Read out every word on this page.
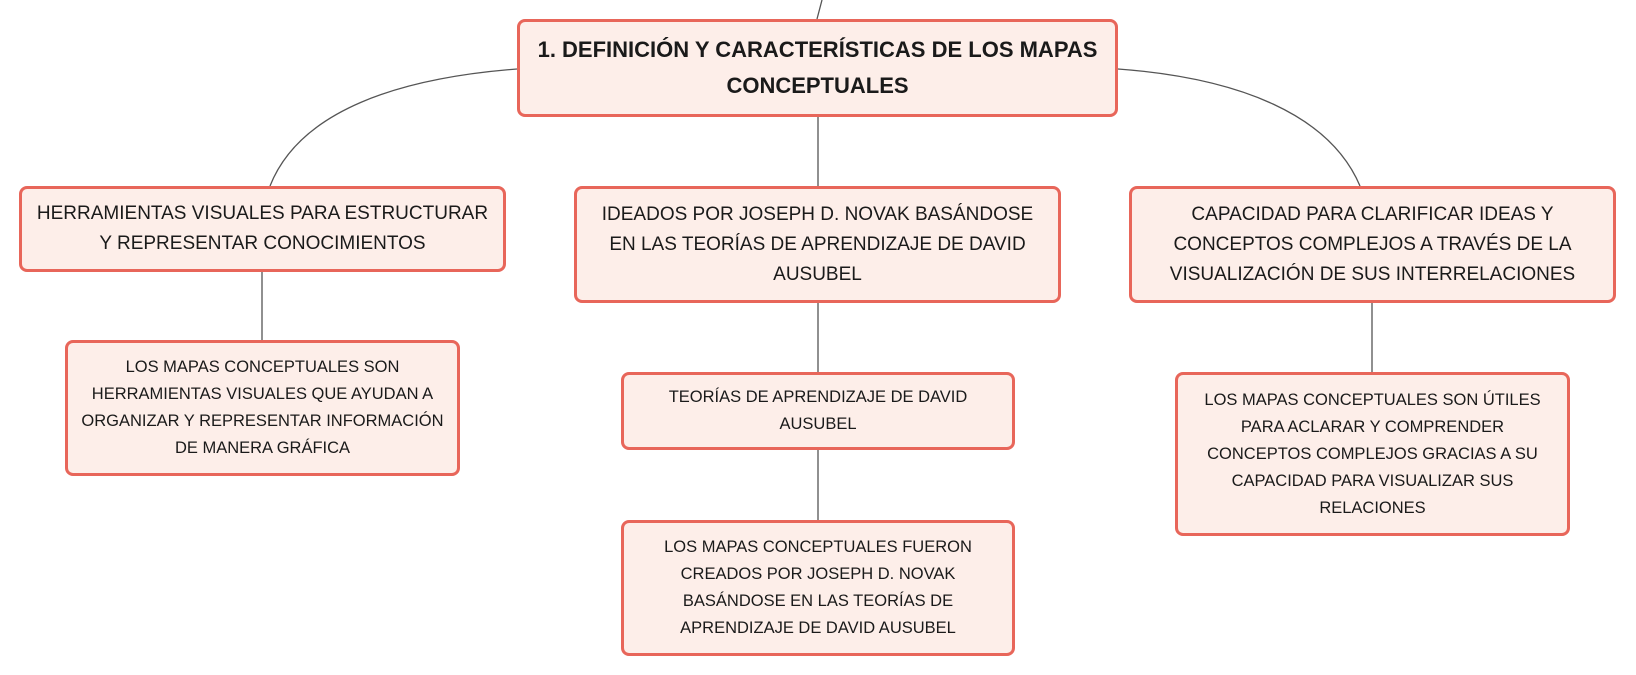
1. DEFINICIÓN Y CARACTERÍSTICAS DE LOS MAPAS CONCEPTUALES
HERRAMIENTAS VISUALES PARA ESTRUCTURAR Y REPRESENTAR CONOCIMIENTOS
LOS MAPAS CONCEPTUALES SON HERRAMIENTAS VISUALES QUE AYUDAN A ORGANIZAR Y REPRESENTAR INFORMACIÓN DE MANERA GRÁFICA
IDEADOS POR JOSEPH D. NOVAK BASÁNDOSE EN LAS TEORÍAS DE APRENDIZAJE DE DAVID AUSUBEL
TEORÍAS DE APRENDIZAJE DE DAVID AUSUBEL
LOS MAPAS CONCEPTUALES FUERON CREADOS POR JOSEPH D. NOVAK BASÁNDOSE EN LAS TEORÍAS DE APRENDIZAJE DE DAVID AUSUBEL
CAPACIDAD PARA CLARIFICAR IDEAS Y CONCEPTOS COMPLEJOS A TRAVÉS DE LA VISUALIZACIÓN DE SUS INTERRELACIONES
LOS MAPAS CONCEPTUALES SON ÚTILES PARA ACLARAR Y COMPRENDER CONCEPTOS COMPLEJOS GRACIAS A SU CAPACIDAD PARA VISUALIZAR SUS RELACIONES
